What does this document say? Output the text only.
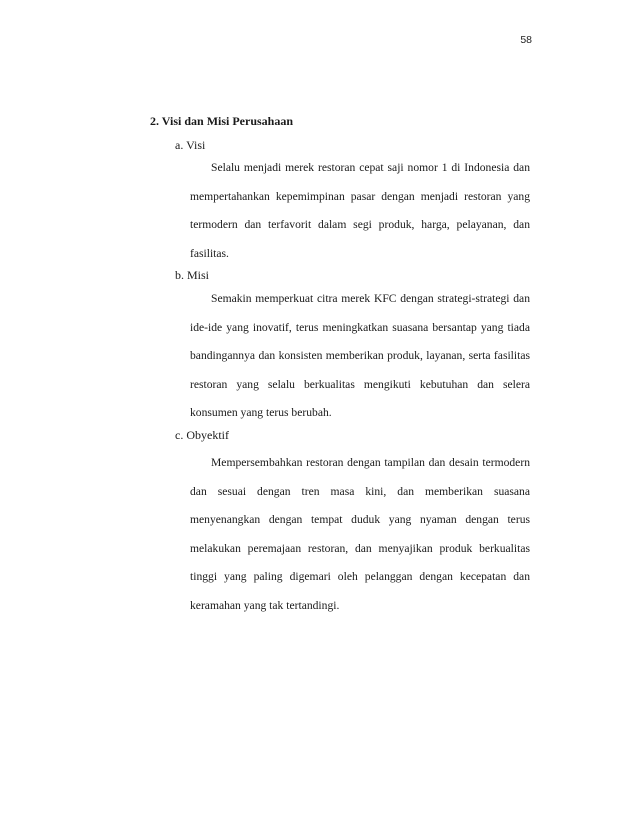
58
2. Visi dan Misi Perusahaan
a. Visi

Selalu menjadi merek restoran cepat saji nomor 1 di Indonesia dan mempertahankan kepemimpinan pasar dengan menjadi restoran yang termodern dan terfavorit dalam segi produk, harga, pelayanan, dan fasilitas.

b. Misi

Semakin memperkuat citra merek KFC dengan strategi-strategi dan ide-ide yang inovatif, terus meningkatkan suasana bersantap yang tiada bandingannya dan konsisten memberikan produk, layanan, serta fasilitas restoran yang selalu berkualitas mengikuti kebutuhan dan selera konsumen yang terus berubah.

c. Obyektif

Mempersembahkan restoran dengan tampilan dan desain termodern dan sesuai dengan tren masa kini, dan memberikan suasana menyenangkan dengan tempat duduk yang nyaman dengan terus melakukan peremajaan restoran, dan menyajikan produk berkualitas tinggi yang paling digemari oleh pelanggan dengan kecepatan dan keramahan yang tak tertandingi.
